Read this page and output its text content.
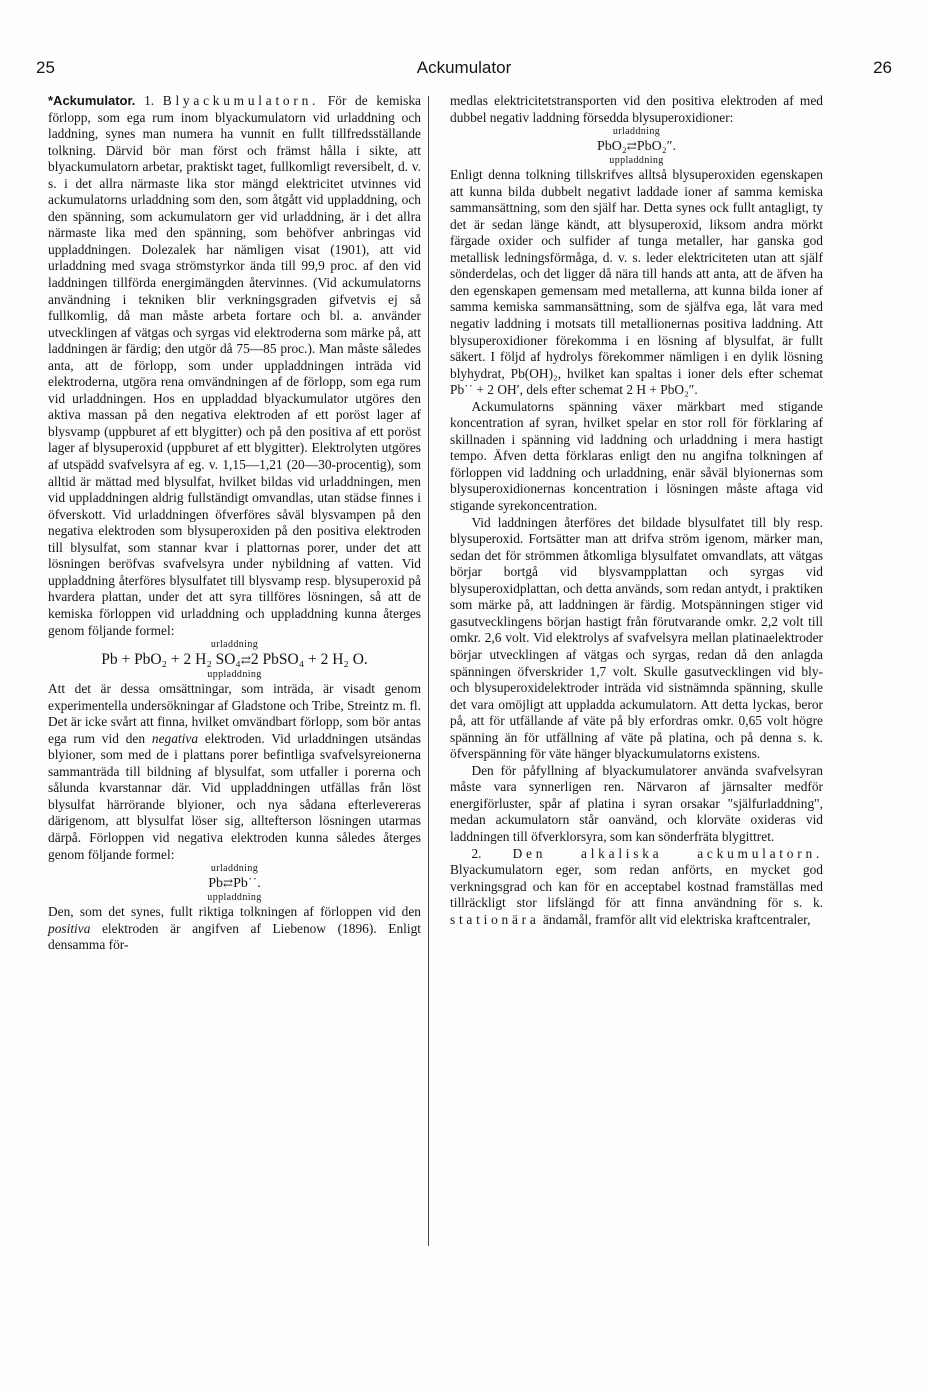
25	Ackumulator	26

*Ackumulator. 1. Blyackumulatorn. För de kemiska förlopp, som ega rum inom blyackumulatorn vid urladdning och laddning, synes man numera ha vunnit en fullt tillfredsställande tolkning. Därvid bör man först och främst hålla i sikte, att blyackumulatorn arbetar, praktiskt taget, fullkomligt reversibelt, d. v. s. i det allra närmaste lika stor mängd elektricitet utvinnes vid ackumulatorns urladdning som den, som åtgått vid uppladdning, och den spänning, som ackumulatorn ger vid urladdning, är i det allra närmaste lika med den spänning, som behöfver anbringas vid uppladdningen. Dolezalek har nämligen visat (1901), att vid urladdning med svaga strömstyrkor ända till 99,9 proc. af den vid laddningen tillförda energimängden återvinnes. (Vid ackumulatorns användning i tekniken blir verkningsgraden gifvetvis ej så fullkomlig, då man måste arbeta fortare och bl. a. använder utvecklingen af vätgas och syrgas vid elektroderna som märke på, att laddningen är färdig; den utgör då 75—85 proc.). Man måste således anta, att de förlopp, som under uppladdningen inträda vid elektroderna, utgöra rena omvändningen af de förlopp, som ega rum vid urladdningen. Hos en uppladdad blyackumulator utgöres den aktiva massan på den negativa elektroden af ett poröst lager af blysvamp (uppburet af ett blygitter) och på den positiva af ett poröst lager af blysuperoxid (uppburet af ett blygitter). Elektrolyten utgöres af utspädd svafvelsyra af eg. v. 1,15—1,21 (20—30-procentig), som alltid är mättad med blysulfat, hvilket bildas vid urladdningen, men vid uppladdningen aldrig fullständigt omvandlas, utan städse finnes i öfverskott. Vid urladdningen öfverföres såväl blysvampen på den negativa elektroden som blysuperoxiden på den positiva elektroden till blysulfat, som stannar kvar i plattornas porer, under det att lösningen beröfvas svafvelsyra under nybildning af vatten. Vid uppladdning återföres blysulfatet till blysvamp resp. blysuperoxid på hvardera plattan, under det att syra tillföres lösningen, så att de kemiska förloppen vid urladdning och uppladdning kunna återges genom följande formel:

urladdning
Pb + PbO₂ + 2 H₂ SO₄⇄2 PbSO₄ + 2 H₂ O.
uppladdning

Att det är dessa omsättningar, som inträda, är visadt genom experimentella undersökningar af Gladstone och Tribe, Streintz m. fl. Det är icke svårt att finna, hvilket omvändbart förlopp, som bör antas ega rum vid den negativa elektroden. Vid urladdningen utsändas blyioner, som med de i plattans porer befintliga svafvelsyreionerna sammanträda till bildning af blysulfat, som utfaller i porerna och sålunda kvarstannar där. Vid uppladdningen utfällas från löst blysulfat härrörande blyioner, och nya sådana efterlevereras därigenom, att blysulfat löser sig, alltefterson lösningen utarmas därpå. Förloppen vid negativa elektroden kunna således återges genom följande formel:

urladdning
Pb⇄Pb˙˙.
uppladdning

Den, som det synes, fullt riktiga tolkningen af förloppen vid den positiva elektroden är angifven af Liebenow (1896). Enligt densamma för-

medlas elektricitetstransporten vid den positiva elektroden af med dubbel negativ laddning försedda blysuperoxidioner:

urladdning
PbO₂⇄PbO₂″.
uppladdning

Enligt denna tolkning tillskrifves alltså blysuperoxiden egenskapen att kunna bilda dubbelt negativt laddade ioner af samma kemiska sammansättning, som den själf har. Detta synes ock fullt antagligt, ty det är sedan länge kändt, att blysuperoxid, liksom andra mörkt färgade oxider och sulfider af tunga metaller, har ganska god metallisk ledningsförmåga, d. v. s. leder elektriciteten utan att själf sönderdelas, och det ligger då nära till hands att anta, att de äfven ha den egenskapen gemensam med metallerna, att kunna bilda ioner af samma kemiska sammansättning, som de själfva ega, låt vara med negativ laddning i motsats till metallionernas positiva laddning. Att blysuperoxidioner förekomma i en lösning af blysulfat, är fullt säkert. I följd af hydrolys förekommer nämligen i en dylik lösning blyhydrat, Pb(OH)₂, hvilket kan spaltas i ioner dels efter schemat Pb˙˙ + 2 OH′, dels efter schemat 2 H + PbO₂″.

Ackumulatorns spänning växer märkbart med stigande koncentration af syran, hvilket spelar en stor roll för förklaring af skillnaden i spänning vid laddning och urladdning i mera hastigt tempo. Äfven detta förklaras enligt den nu angifna tolkningen af förloppen vid laddning och urladdning, enär såväl blyionernas som blysuperoxidionernas koncentration i lösningen måste aftaga vid stigande syrekoncentration.

Vid laddningen återföres det bildade blysulfatet till bly resp. blysuperoxid. Fortsätter man att drifva ström igenom, märker man, sedan det för strömmen åtkomliga blysulfatet omvandlats, att vätgas börjar bortgå vid blysvampplattan och syrgas vid blysuperoxidplattan, och detta används, som redan antydt, i praktiken som märke på, att laddningen är färdig. Motspänningen stiger vid gasutvecklingens början hastigt från förutvarande omkr. 2,2 volt till omkr. 2,6 volt. Vid elektrolys af svafvelsyra mellan platinaelektroder börjar utvecklingen af vätgas och syrgas, redan då den anlagda spänningen öfverskrider 1,7 volt. Skulle gasutvecklingen vid bly- och blysuperoxidelektroder inträda vid sistnämnda spänning, skulle det vara omöjligt att uppladda ackumulatorn. Att detta lyckas, beror på, att för utfällande af väte på bly erfordras omkr. 0,65 volt högre spänning än för utfällning af väte på platina, och på denna s. k. öfverspänning för väte hänger blyackumulatorns existens.

Den för påfyllning af blyackumulatorer använda svafvelsyran måste vara synnerligen ren. Närvaron af järnsalter medför energiförluster, spår af platina i syran orsakar "själfurladdning", medan ackumulatorn står oanvänd, och klorväte oxideras vid laddningen till öfverklorsyra, som kan sönderfräta blygittret.

2. Den alkaliska ackumulatorn. Blyackumulatorn eger, som redan anförts, en mycket god verkningsgrad och kan för en acceptabel kostnad framställas med tillräckligt stor lifslängd för att finna användning för s. k. stationära ändamål, framför allt vid elektriska kraftcentraler,
